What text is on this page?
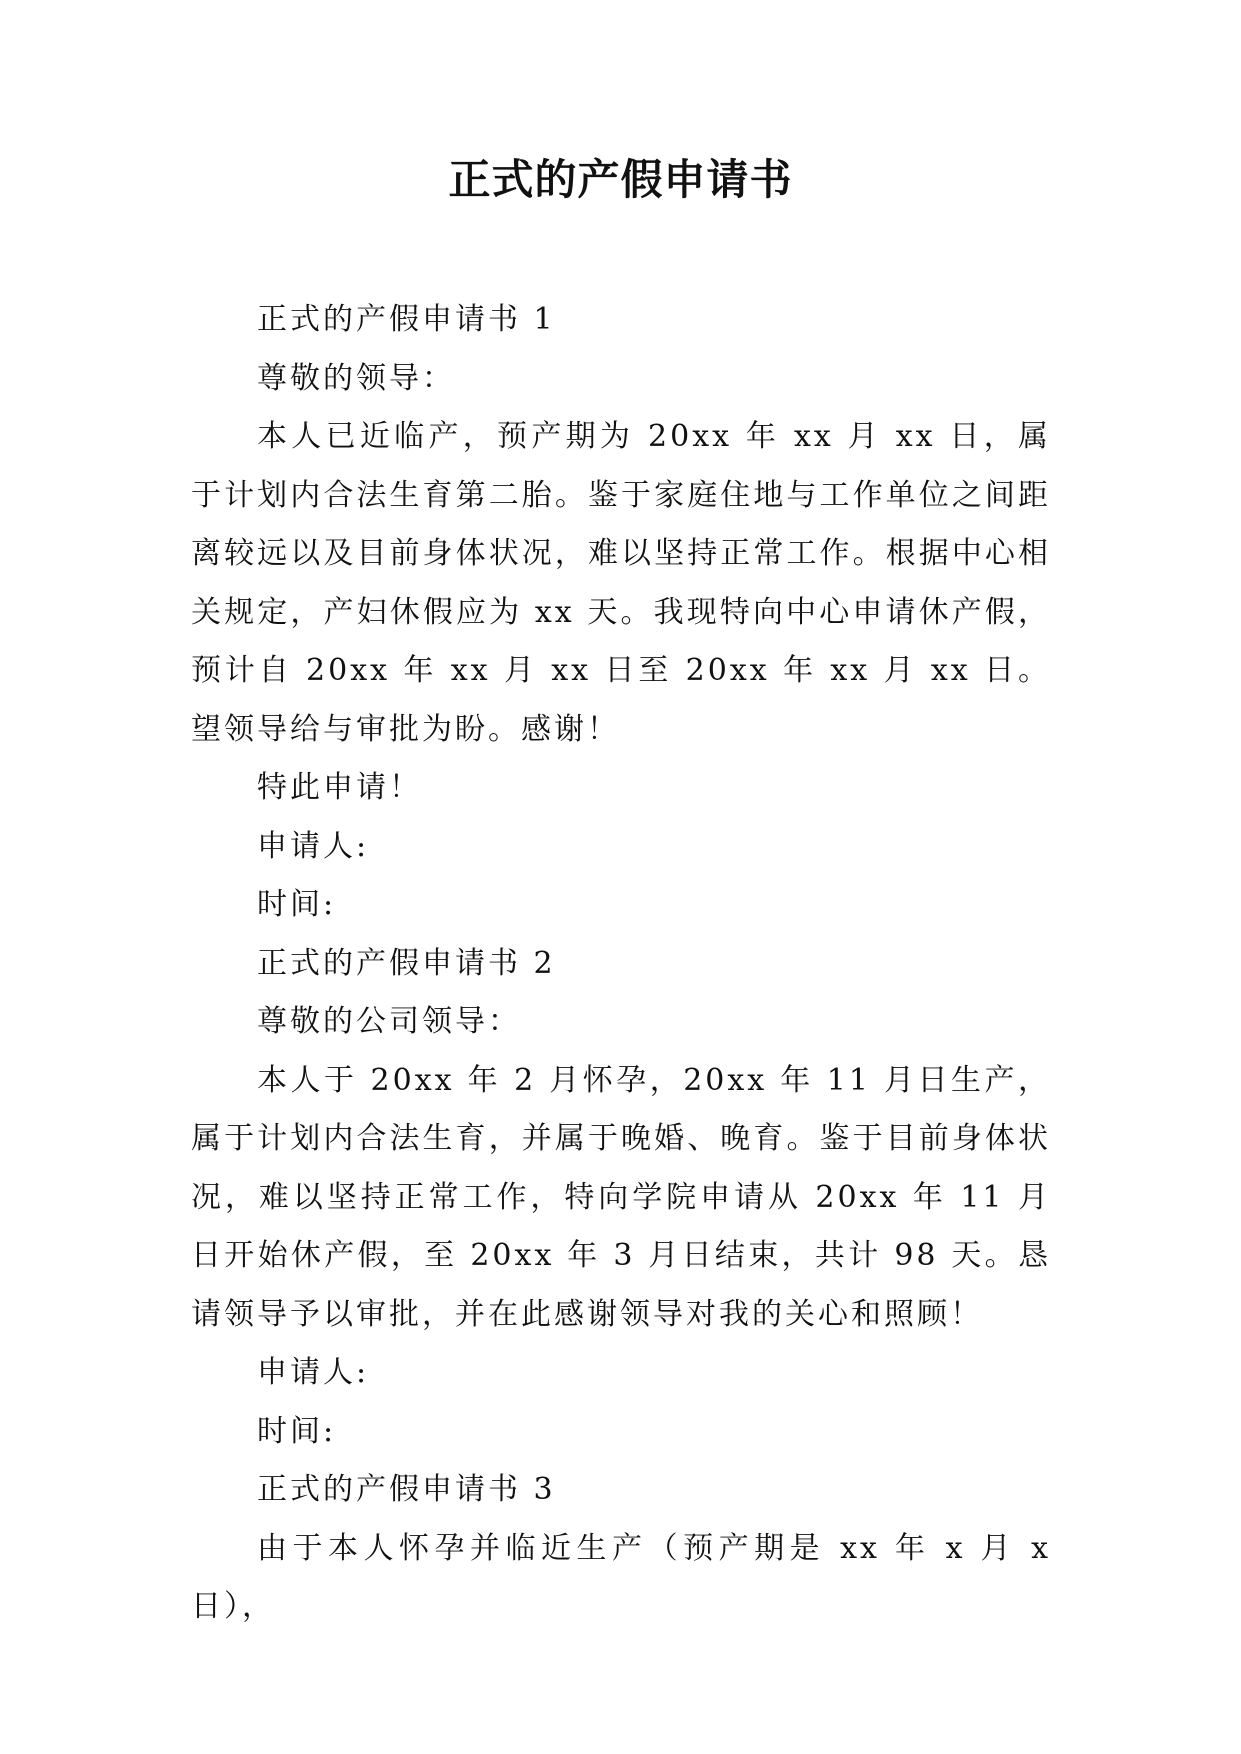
正式的产假申请书

正式的产假申请书 1

尊敬的领导：

本人已近临产，预产期为 20xx 年 xx 月 xx 日，属于计划内合法生育第二胎。鉴于家庭住地与工作单位之间距离较远以及目前身体状况，难以坚持正常工作。根据中心相关规定，产妇休假应为 xx 天。我现特向中心申请休产假，预计自 20xx 年 xx 月 xx 日至 20xx 年 xx 月 xx 日。望领导给与审批为盼。感谢！

特此申请！

申请人:

时间:

正式的产假申请书 2

尊敬的公司领导：

本人于 20xx 年 2 月怀孕，20xx 年 11 月日生产，属于计划内合法生育，并属于晚婚、晚育。鉴于目前身体状况，难以坚持正常工作，特向学院申请从 20xx 年 11 月日开始休产假，至 20xx 年 3 月日结束，共计 98 天。恳请领导予以审批，并在此感谢领导对我的关心和照顾！

申请人:

时间:

正式的产假申请书 3

由于本人怀孕并临近生产（预产期是 xx 年 x 月 x 日），
